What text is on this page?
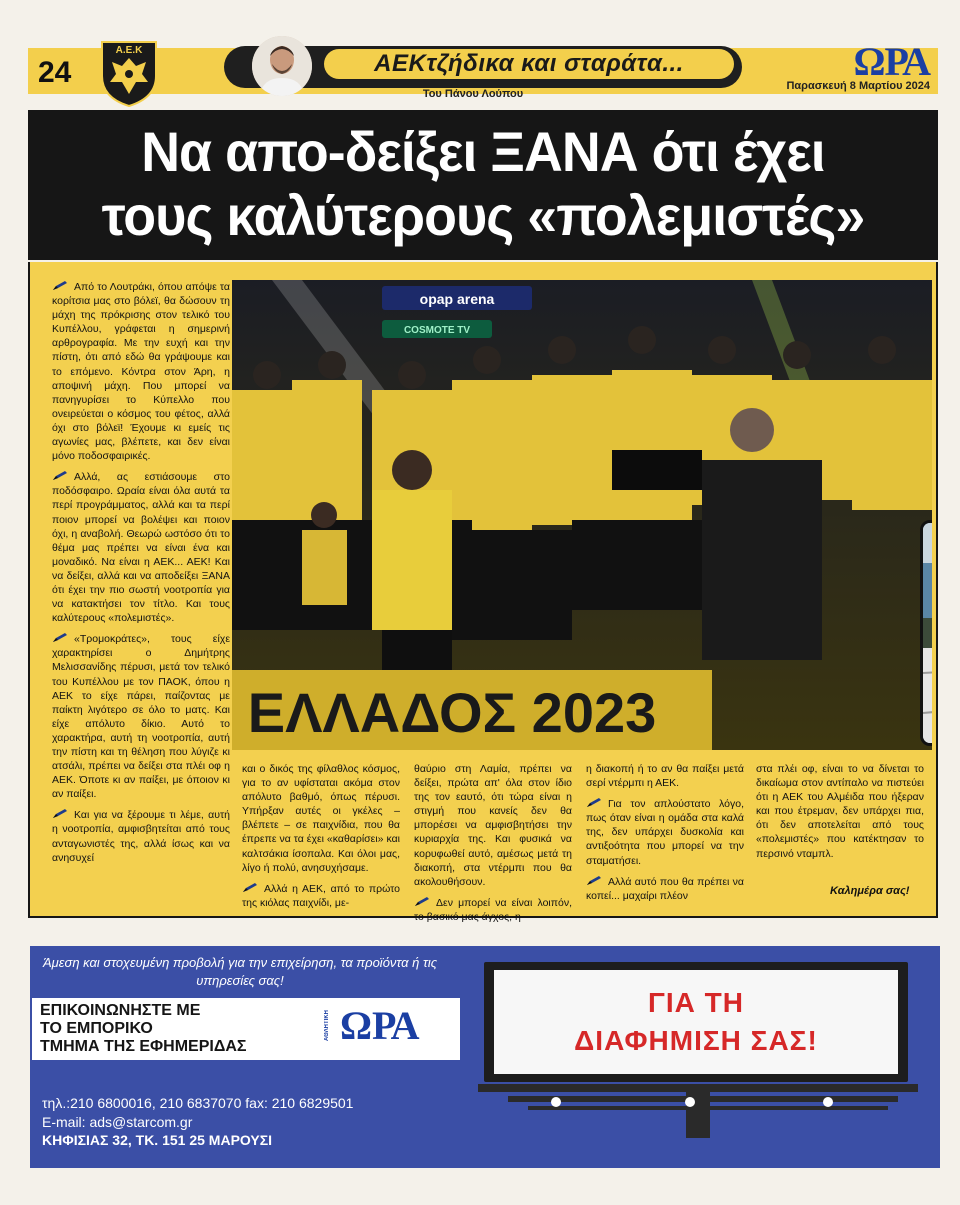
24
Α.Ε.Κ	ΑΕΚτζήδικα και σταράτα...
Του Πάνου Λούπου
ΩΡΑ
Παρασκευή 8 Μαρτίου 2024
Να απο-δείξει ΞΑΝΑ ότι έχει
τους καλύτερους «πολεμιστές»

Από το Λουτράκι, όπου απόψε τα κορίτσια μας στο βόλεϊ, θα δώσουν τη μάχη της πρόκρισης στον τελικό του Κυπέλλου, γράφεται η σημερινή αρθρογραφία. Με την ευχή και την πίστη, ότι από εδώ θα γράψουμε και το επόμενο. Κόντρα στον Άρη, η αποψινή μάχη. Που μπορεί να πανηγυρίσει το Κύπελλο που ονειρεύεται ο κόσμος του φέτος, αλλά όχι στο βόλεϊ! Έχουμε κι εμείς τις αγωνίες μας, βλέπετε, και δεν είναι μόνο ποδοσφαιρικές.

Αλλά, ας εστιάσουμε στο ποδόσφαιρο. Ωραία είναι όλα αυτά τα περί προγράμματος, αλλά και τα περί ποιον μπορεί να βολέψει και ποιον όχι, η αναβολή. Θεωρώ ωστόσο ότι το θέμα μας πρέπει να είναι ένα και μοναδικό. Να είναι η ΑΕΚ... ΑΕΚ! Και να δείξει, αλλά και να αποδείξει ΞΑΝΑ ότι έχει την πιο σωστή νοοτροπία για να κατακτήσει τον τίτλο. Και τους καλύτερους «πολεμιστές».

«Τρομοκράτες», τους είχε χαρακτηρίσει ο Δημήτρης Μελισσανίδης πέρυσι, μετά τον τελικό του Κυπέλλου με τον ΠΑΟΚ, όπου η ΑΕΚ το είχε πάρει, παίζοντας με παίκτη λιγότερο σε όλο το ματς. Και είχε απόλυτο δίκιο. Αυτό το χαρακτήρα, αυτή τη νοοτροπία, αυτή την πίστη και τη θέληση που λύγιζε κι ατσάλι, πρέπει να δείξει στα πλέι οφ η ΑΕΚ. Όποτε κι αν παίξει, με όποιον κι αν παίξει.

Και για να ξέρουμε τι λέμε, αυτή η νοοτροπία, αμφισβητείται από τους ανταγωνιστές της, αλλά ίσως και να ανησυχεί

opap arena
COSMOTE TV
ΕΛΛΑΔΟΣ 2023

και ο δικός της φίλαθλος κόσμος, για το αν υφίσταται ακόμα στον απόλυτο βαθμό, όπως πέρυσι. Υπήρξαν αυτές οι γκέλες – βλέπετε – σε παιχνίδια, που θα έπρεπε να τα έχει «καθαρίσει» και καλτσάκια ίσοπαλα. Και όλοι μας, λίγο ή πολύ, ανησυχήσαμε.

Αλλά η ΑΕΚ, από το πρώτο της κιόλας παιχνίδι, με-

θαύριο στη Λαμία, πρέπει να δείξει, πρώτα απ' όλα στον ίδιο της τον εαυτό, ότι τώρα είναι η στιγμή που κανείς δεν θα μπορέσει να αμφισβητήσει την κυριαρχία της. Και φυσικά να κορυφωθεί αυτό, αμέσως μετά τη διακοπή, στα ντέρμπι που θα ακολουθήσουν.

Δεν μπορεί να είναι λοιπόν, το βασικό μας άγχος, η

η διακοπή ή το αν θα παίξει μετά σερί ντέρμπι η ΑΕΚ.

Για τον απλούστατο λόγο, πως όταν είναι η ομάδα στα καλά της, δεν υπάρχει δυσκολία και αντιξοότητα που μπορεί να την σταματήσει.

Αλλά αυτό που θα πρέπει να κοπεί... μαχαίρι πλέον

στα πλέι οφ, είναι το να δίνεται το δικαίωμα στον αντίπαλο να πιστεύει ότι η ΑΕΚ του Αλμέιδα που ήξεραν και που έτρεμαν, δεν υπάρχει πια, ότι δεν αποτελείται από τους «πολεμιστές» που κατέκτησαν το περσινό νταμπλ.

Καλημέρα σας!
Άμεση και στοχευμένη προβολή για την επιχείρηση, τα προϊόντα ή τις υπηρεσίες σας!
ΕΠΙΚΟΙΝΩΝΗΣΤΕ ΜΕ
ΤΟ ΕΜΠΟΡΙΚΟ
ΤΜΗΜΑ ΤΗΣ ΕΦΗΜΕΡΙΔΑΣ
ΑΘΛΗΤΙΚΗ ΩΡΑ
τηλ.:210 6800016, 210 6837070 fax: 210 6829501
E-mail: ads@starcom.gr
ΚΗΦΙΣΙΑΣ 32, ΤΚ. 151 25 ΜΑΡΟΥΣΙ
ΓΙΑ ΤΗ
ΔΙΑΦΗΜΙΣΗ ΣΑΣ!
